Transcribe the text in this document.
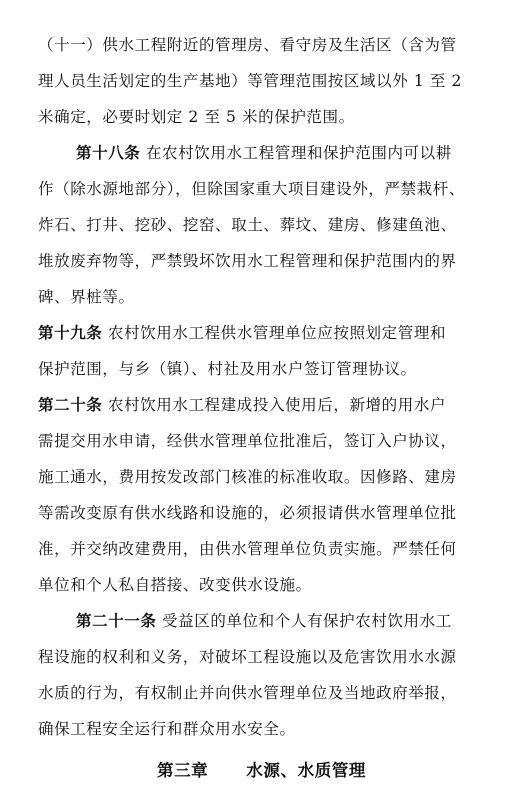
（十一）供水工程附近的管理房、看守房及生活区（含为管
理人员生活划定的生产基地）等管理范围按区域以外 1 至 2
米确定，必要时划定 2 至 5 米的保护范围。
第十八条 在农村饮用水工程管理和保护范围内可以耕
作（除水源地部分），但除国家重大项目建设外，严禁栽杆、
炸石、打井、挖砂、挖窑、取土、葬坟、建房、修建鱼池、
堆放废弃物等，严禁毁坏饮用水工程管理和保护范围内的界
碑、界桩等。
第十九条 农村饮用水工程供水管理单位应按照划定管理和
保护范围，与乡（镇）、村社及用水户签订管理协议。
第二十条 农村饮用水工程建成投入使用后，新增的用水户
需提交用水申请，经供水管理单位批准后，签订入户协议，
施工通水，费用按发改部门核准的标准收取。因修路、建房
等需改变原有供水线路和设施的，必须报请供水管理单位批
准，并交纳改建费用，由供水管理单位负责实施。严禁任何
单位和个人私自搭接、改变供水设施。
第二十一条 受益区的单位和个人有保护农村饮用水工
程设施的权利和义务，对破坏工程设施以及危害饮用水水源
水质的行为，有权制止并向供水管理单位及当地政府举报，
确保工程安全运行和群众用水安全。
第三章 水源、水质管理
